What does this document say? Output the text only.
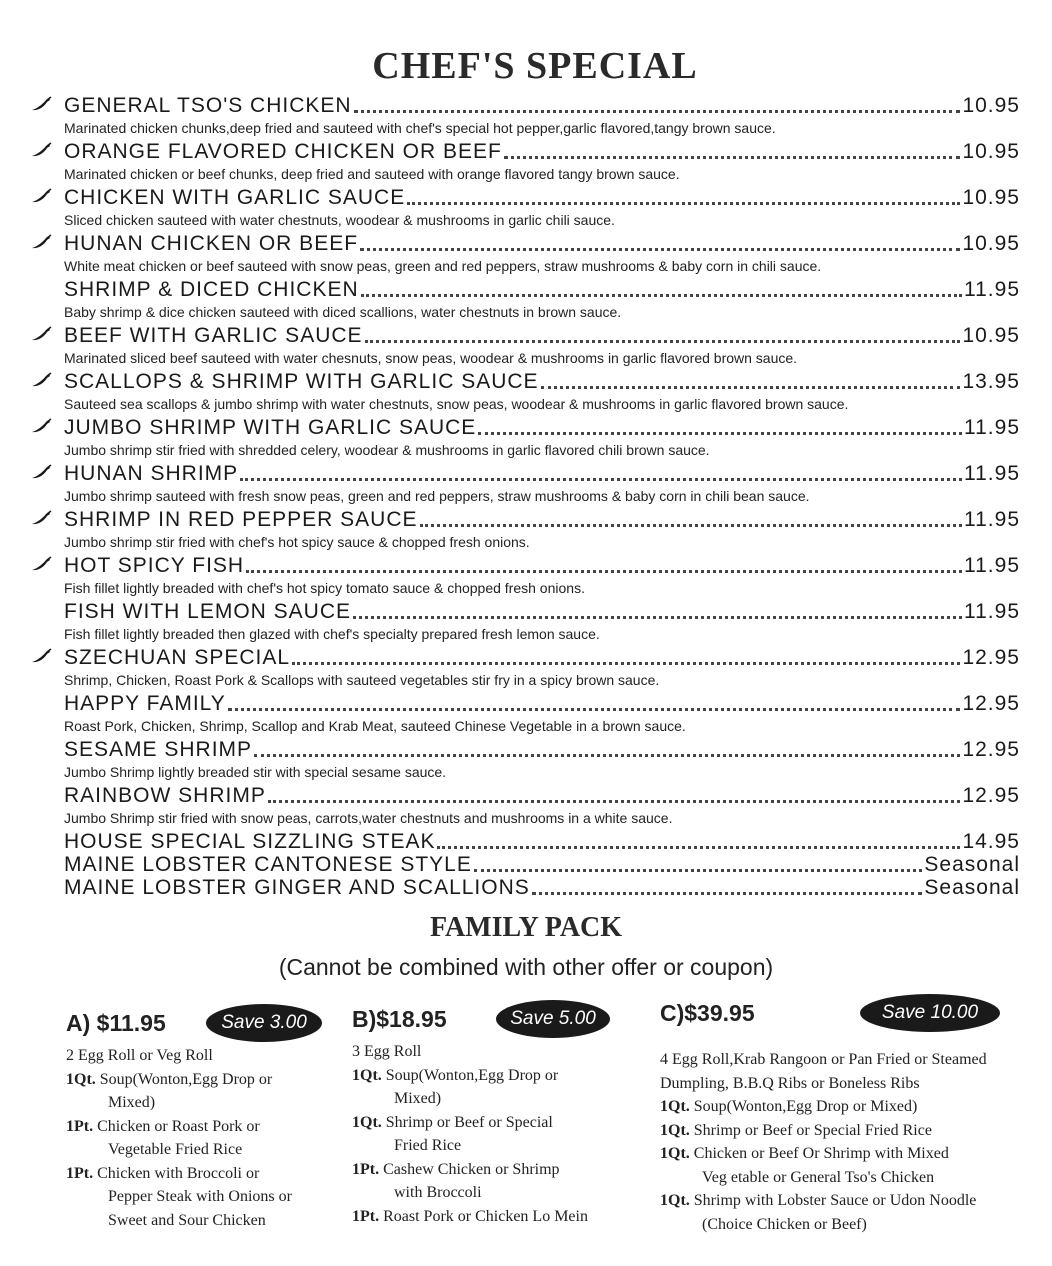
CHEF'S SPECIAL
GENERAL TSO'S CHICKEN	10.95
Marinated chicken chunks,deep fried and sauteed with chef's special hot pepper,garlic flavored,tangy brown sauce.
ORANGE FLAVORED CHICKEN OR BEEF	10.95
Marinated chicken or beef chunks, deep fried and sauteed with orange flavored tangy brown sauce.
CHICKEN WITH GARLIC SAUCE	10.95
Sliced chicken sauteed with water chestnuts, woodear & mushrooms in garlic chili sauce.
HUNAN CHICKEN OR BEEF	10.95
White meat chicken or beef sauteed with snow peas, green and red peppers, straw mushrooms & baby corn in chili sauce.
SHRIMP & DICED CHICKEN	11.95
Baby shrimp & dice chicken sauteed with diced scallions, water chestnuts in brown sauce.
BEEF WITH GARLIC SAUCE	10.95
Marinated sliced beef sauteed with water chesnuts, snow peas, woodear & mushrooms in garlic flavored brown sauce.
SCALLOPS & SHRIMP WITH GARLIC SAUCE	13.95
Sauteed sea scallops & jumbo shrimp with water chestnuts, snow peas, woodear & mushrooms in garlic flavored brown sauce.
JUMBO SHRIMP WITH GARLIC SAUCE	11.95
Jumbo shrimp stir fried with shredded celery, woodear & mushrooms in garlic flavored chili brown sauce.
HUNAN SHRIMP	11.95
Jumbo shrimp sauteed with fresh snow peas, green and red peppers, straw mushrooms & baby corn in chili bean sauce.
SHRIMP IN RED PEPPER SAUCE	11.95
Jumbo shrimp stir fried with chef's hot spicy sauce & chopped fresh onions.
HOT SPICY FISH	11.95
Fish fillet lightly breaded with chef's hot spicy tomato sauce & chopped fresh onions.
FISH WITH LEMON SAUCE	11.95
Fish fillet lightly breaded then glazed with chef's specialty prepared fresh lemon sauce.
SZECHUAN SPECIAL	12.95
Shrimp, Chicken, Roast Pork & Scallops with sauteed vegetables stir fry in a spicy brown sauce.
HAPPY FAMILY	12.95
Roast Pork, Chicken, Shrimp, Scallop and Krab Meat, sauteed Chinese Vegetable in a brown sauce.
SESAME SHRIMP	12.95
Jumbo Shrimp lightly breaded stir with special sesame sauce.
RAINBOW SHRIMP	12.95
Jumbo Shrimp stir fried with snow peas, carrots,water chestnuts and mushrooms in a white sauce.
HOUSE SPECIAL SIZZLING STEAK	14.95
MAINE LOBSTER CANTONESE STYLE	Seasonal
MAINE LOBSTER GINGER AND SCALLIONS	Seasonal
FAMILY PACK
(Cannot be combined with other offer or coupon)
A) $11.95	Save 3.00
2 Egg Roll or Veg Roll
1Qt. Soup(Wonton,Egg Drop or
Mixed)
1Pt. Chicken or Roast Pork or
Vegetable Fried Rice
1Pt. Chicken with Broccoli or
Pepper Steak with Onions or
Sweet and Sour Chicken
B)$18.95	Save 5.00
3 Egg Roll
1Qt. Soup(Wonton,Egg Drop or
Mixed)
1Qt. Shrimp or Beef or Special
Fried Rice
1Pt. Cashew Chicken or Shrimp
with Broccoli
1Pt. Roast Pork or Chicken Lo Mein
C)$39.95	Save 10.00
4 Egg Roll,Krab Rangoon or Pan Fried or Steamed
Dumpling, B.B.Q Ribs or Boneless Ribs
1Qt. Soup(Wonton,Egg Drop or Mixed)
1Qt. Shrimp or Beef or Special Fried Rice
1Qt. Chicken or Beef Or Shrimp with Mixed
Veg etable or General Tso's Chicken
1Qt. Shrimp with Lobster Sauce or Udon Noodle
(Choice Chicken or Beef)
